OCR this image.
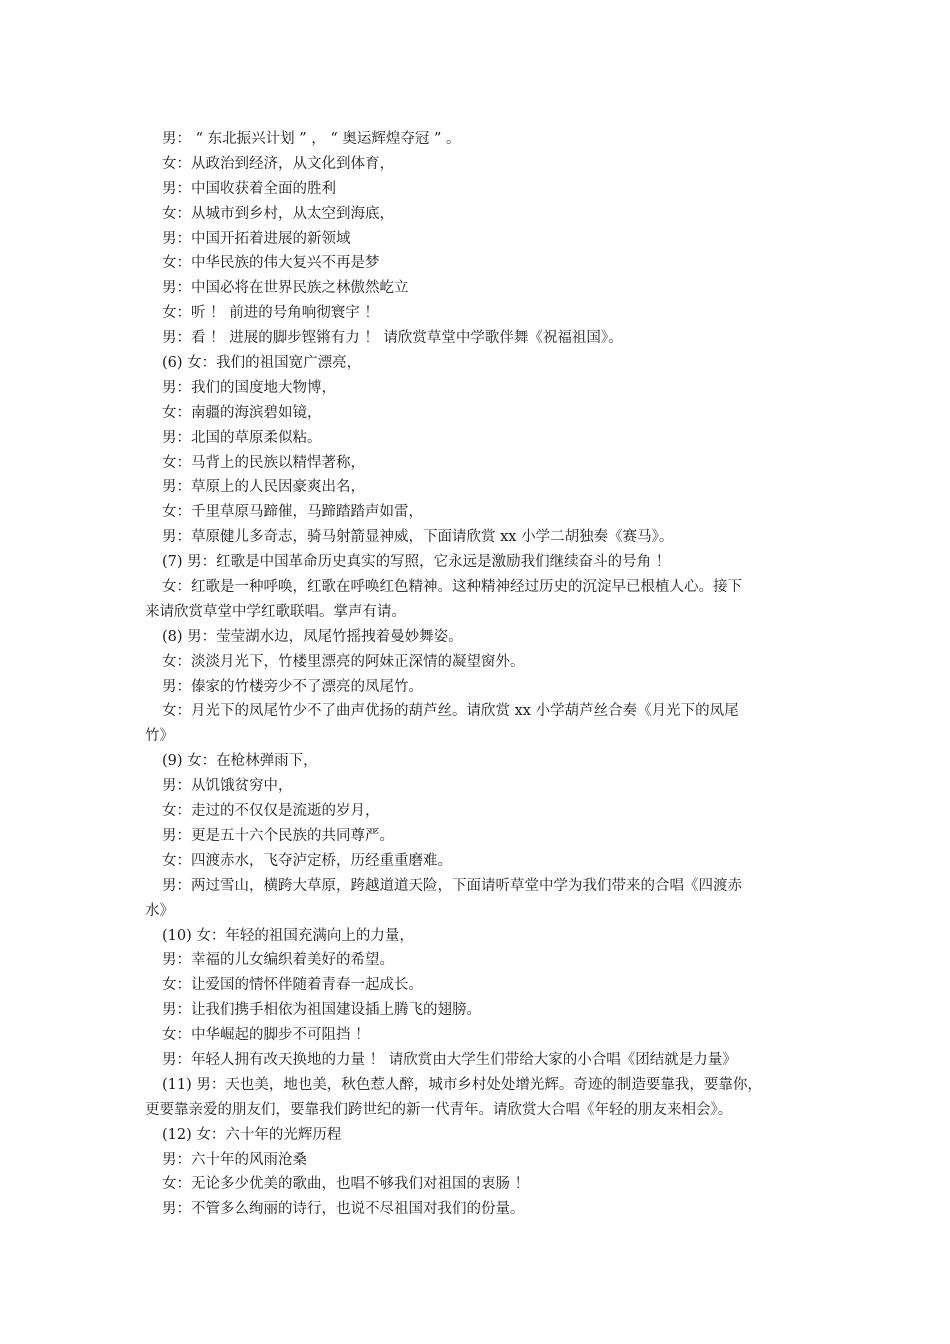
男： “ 东北振兴计划 ” ， “ 奥运辉煌夺冠 ” 。
女：从政治到经济，从文化到体育，
男：中国收获着全面的胜利
女：从城市到乡村，从太空到海底，
男：中国开拓着进展的新领域
女：中华民族的伟大复兴不再是梦
男：中国必将在世界民族之林傲然屹立
女：听 ！ 前进的号角响彻寰宇 ！
男：看 ！ 进展的脚步铿锵有力 ！ 请欣赏草堂中学歌伴舞《祝福祖国》。
(6) 女：我们的祖国宽广漂亮，
男：我们的国度地大物博，
女：南疆的海滨碧如镜，
男：北国的草原柔似粘。
女：马背上的民族以精悍著称，
男：草原上的人民因豪爽出名，
女：千里草原马蹄催，马蹄踏踏声如雷，
男：草原健儿多奇志，骑马射箭显神威，下面请欣赏 xx 小学二胡独奏《赛马》。
(7) 男：红歌是中国革命历史真实的写照，它永远是激励我们继续奋斗的号角 ！
女：红歌是一种呼唤，红歌在呼唤红色精神。这种精神经过历史的沉淀早已根植人心。接下
来请欣赏草堂中学红歌联唱。掌声有请。
(8) 男：莹莹湖水边，凤尾竹摇拽着曼妙舞姿。
女：淡淡月光下，竹楼里漂亮的阿妹正深情的凝望窗外。
男：傣家的竹楼旁少不了漂亮的凤尾竹。
女：月光下的凤尾竹少不了曲声优扬的葫芦丝。请欣赏 xx 小学葫芦丝合奏《月光下的凤尾
竹》
(9) 女：在枪林弹雨下，
男：从饥饿贫穷中，
女：走过的不仅仅是流逝的岁月，
男：更是五十六个民族的共同尊严。
女：四渡赤水，飞夺泸定桥，历经重重磨难。
男：两过雪山，横跨大草原，跨越道道天险，下面请听草堂中学为我们带来的合唱《四渡赤
水》
(10) 女：年轻的祖国充满向上的力量，
男：幸福的儿女编织着美好的希望。
女：让爱国的情怀伴随着青春一起成长。
男：让我们携手相依为祖国建设插上腾飞的翅膀。
女：中华崛起的脚步不可阻挡 ！
男：年轻人拥有改天换地的力量 ！ 请欣赏由大学生们带给大家的小合唱《团结就是力量》
(11) 男：天也美，地也美，秋色惹人醉，城市乡村处处增光辉。奇迹的制造要靠我，要靠你，
更要靠亲爱的朋友们，要靠我们跨世纪的新一代青年。请欣赏大合唱《年轻的朋友来相会》。
(12) 女：六十年的光辉历程
男：六十年的风雨沧桑
女：无论多少优美的歌曲，也唱不够我们对祖国的衷肠 ！
男：不管多么绚丽的诗行，也说不尽祖国对我们的份量。
